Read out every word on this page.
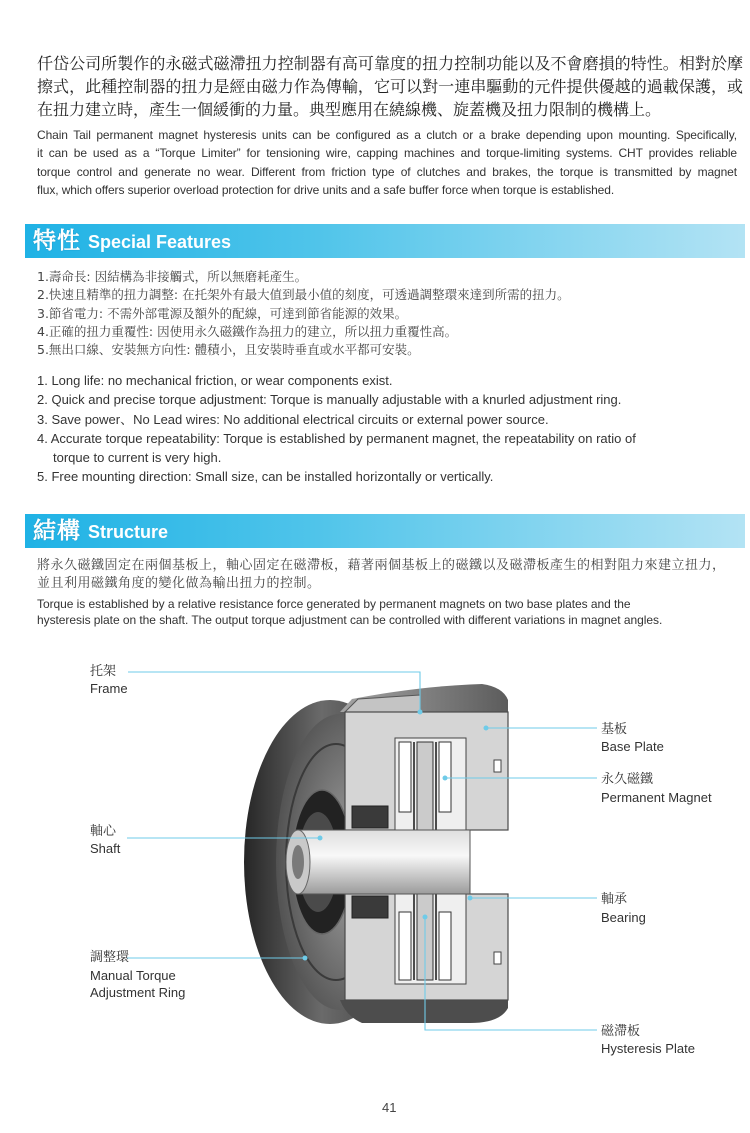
仟岱公司所製作的永磁式磁滯扭力控制器有高可靠度的扭力控制功能以及不會磨損的特性。相對於摩
擦式，此種控制器的扭力是經由磁力作為傳輸，它可以對一連串驅動的元件提供優越的過載保護，或
在扭力建立時，產生一個緩衝的力量。典型應用在繞線機、旋蓋機及扭力限制的機構上。
Chain Tail permanent magnet hysteresis units can be configured as a clutch or a brake depending upon mounting. Specifically,
it can be used as a “Torque Limiter” for tensioning wire, capping machines and torque-limiting systems. CHT provides reliable
torque control and generate no wear. Different from friction type of clutches and brakes, the torque is transmitted by magnet
flux, which offers superior overload protection for drive units and a safe buffer force when torque is established.
特性 Special Features
1.壽命長: 因結構為非接觸式，所以無磨耗產生。
2.快速且精準的扭力調整: 在托架外有最大值到最小值的刻度，可透過調整環來達到所需的扭力。
3.節省電力: 不需外部電源及額外的配線，可達到節省能源的效果。
4.正確的扭力重覆性: 因使用永久磁鐵作為扭力的建立，所以扭力重覆性高。
5.無出口線、安裝無方向性: 體積小，且安裝時垂直或水平都可安裝。
1. Long life: no mechanical friction, or wear components exist.
2. Quick and precise torque adjustment: Torque is manually adjustable with a knurled adjustment ring.
3. Save power、No Lead wires: No additional electrical circuits or external power source.
4. Accurate torque repeatability: Torque is established by permanent magnet, the repeatability on ratio of
torque to current is very high.
5. Free mounting direction: Small size, can be installed horizontally or vertically.
結構 Structure
將永久磁鐵固定在兩個基板上，軸心固定在磁滯板，藉著兩個基板上的磁鐵以及磁滯板產生的相對阻力來建立扭力，
並且利用磁鐵角度的變化做為輸出扭力的控制。
Torque is established by a relative resistance force generated by permanent magnets on two base plates and the
hysteresis plate on the shaft. The output torque adjustment can be controlled with different variations in magnet angles.
托架
Frame
軸心
Shaft
調整環
Manual Torque
Adjustment Ring
基板
Base Plate
永久磁鐵
Permanent Magnet
軸承
Bearing
磁滯板
Hysteresis Plate
41
